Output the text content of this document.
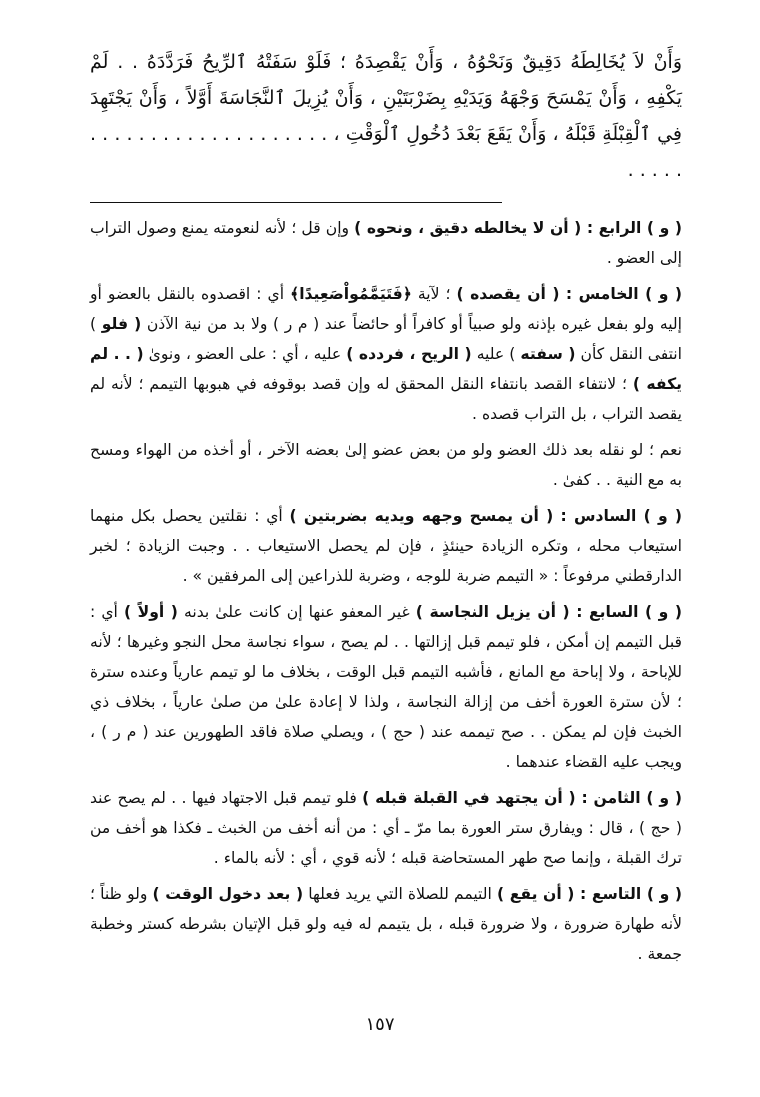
وَأَنْ لاَ يُخَالِطَهُ دَقِيقٌ وَنَحْوُهُ ، وَأَنْ يَقْصِدَهُ ؛ فَلَوْ سَفَتْهُ ٱلرِّيحُ فَرَدَّدَهُ . . لَمْ يَكْفِهِ ، وَأَنْ يَمْسَحَ وَجْهَهُ وَيَدَيْهِ بِضَرْبَتَيْنِ ، وَأَنْ يُزِيلَ ٱلنَّجَاسَةَ أَوَّلاً ، وَأَنْ يَجْتَهِدَ فِي ٱلْقِبْلَةِ قَبْلَهُ ، وَأَنْ يَقَعَ بَعْدَ دُخُولِ ٱلْوَقْتِ ، . . . . . . . . . . . . . . . . . . . . . . . . .

( و ) الرابع : ( أن لا يخالطه دقيق ، ونحوه ) وإن قل ؛ لأنه لنعومته يمنع وصول التراب إلى العضو .

( و ) الخامس : ( أن يقصده ) ؛ لآية ﴿فَتَيَمَّمُواْصَعِيدًا﴾ أي : اقصدوه بالنقل بالعضو أو إليه ولو بفعل غيره بإذنه ولو صبياً أو كافراً أو حائضاً عند ( م ر ) ولا بد من نية الآذن ( فلو ) انتفى النقل كأن ( سفته ) عليه ( الريح ، فردده ) عليه ، أي : على العضو ، ونوىٰ ( . . لم يكفه ) ؛ لانتفاء القصد بانتفاء النقل المحقق له وإن قصد بوقوفه في هبوبها التيمم ؛ لأنه لم يقصد التراب ، بل التراب قصده .

نعم ؛ لو نقله بعد ذلك العضو ولو من بعض عضو إلىٰ بعضه الآخر ، أو أخذه من الهواء ومسح به مع النية . . كفىٰ .

( و ) السادس : ( أن يمسح وجهه ويديه بضربتين ) أي : نقلتين يحصل بكل منهما استيعاب محله ، وتكره الزيادة حينئذٍ ، فإن لم يحصل الاستيعاب . . وجبت الزيادة ؛ لخبر الدارقطني مرفوعاً : « التيمم ضربة للوجه ، وضربة للذراعين إلى المرفقين » .

( و ) السابع : ( أن يزيل النجاسة ) غير المعفو عنها إن كانت علىٰ بدنه ( أولاً ) أي : قبل التيمم إن أمكن ، فلو تيمم قبل إزالتها . . لم يصح ، سواء نجاسة محل النجو وغيرها ؛ لأنه للإباحة ، ولا إباحة مع المانع ، فأشبه التيمم قبل الوقت ، بخلاف ما لو تيمم عارياً وعنده سترة ؛ لأن سترة العورة أخف من إزالة النجاسة ، ولذا لا إعادة علىٰ من صلىٰ عارياً ، بخلاف ذي الخبث فإن لم يمكن . . صح تيممه عند ( حج ) ، ويصلي صلاة فاقد الطهورين عند ( م ر ) ، ويجب عليه القضاء عندهما .

( و ) الثامن : ( أن يجتهد في القبلة قبله ) فلو تيمم قبل الاجتهاد فيها . . لم يصح عند ( حج ) ، قال : ويفارق ستر العورة بما مرّ ـ أي : من أنه أخف من الخبث ـ فكذا هو أخف من ترك القبلة ، وإنما صح طهر المستحاضة قبله ؛ لأنه قوي ، أي : لأنه بالماء .

( و ) التاسع : ( أن يقع ) التيمم للصلاة التي يريد فعلها ( بعد دخول الوقت ) ولو ظناً ؛ لأنه طهارة ضرورة ، ولا ضرورة قبله ، بل يتيمم له فيه ولو قبل الإتيان بشرطه كستر وخطبة جمعة .

١٥٧
